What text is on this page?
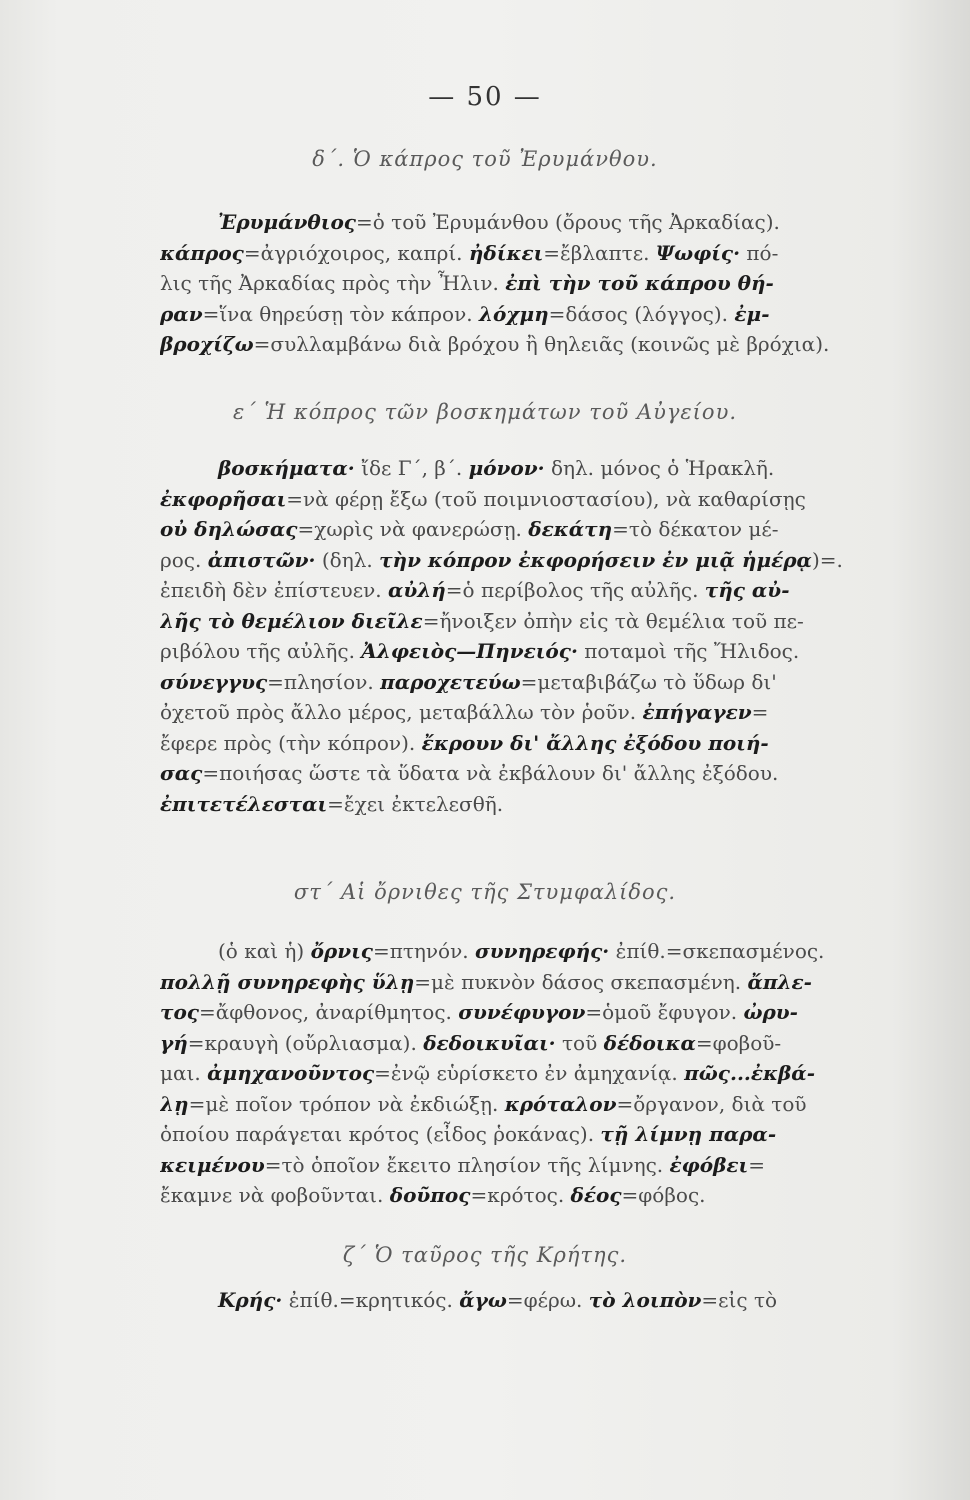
— 50 —
δ΄. Ὁ κάπρος τοῦ Ἐρυμάνθου.
Ἐρυμάνθιος=ὁ τοῦ Ἐρυμάνθου (ὄρους τῆς Ἀρκαδίας).
κάπρος=ἀγριόχοιρος, καπρί. ἠδίκει=ἔβλαπτε. Ψωφίς· πό-
λις τῆς Ἀρκαδίας πρὸς τὴν Ἦλιν. ἐπὶ τὴν τοῦ κάπρου θή-
ραν=ἵνα θηρεύσῃ τὸν κάπρον. λόχμη=δάσος (λόγγος). ἐμ-
βροχίζω=συλλαμβάνω διὰ βρόχου ἢ θηλειᾶς (κοινῶς μὲ βρόχια).
ε΄ Ἡ κόπρος τῶν βοσκημάτων τοῦ Αὐγείου.
βοσκήματα· ἴδε Γ΄, β΄. μόνον· δηλ. μόνος ὁ Ἡρακλῆ.
ἐκφορῆσαι=νὰ φέρῃ ἔξω (τοῦ ποιμνιοστασίου), νὰ καθαρίσῃς
οὐ δηλώσας=χωρὶς νὰ φανερώσῃ. δεκάτη=τὸ δέκατον μέ-
ρος. ἀπιστῶν· (δηλ. τὴν κόπρον ἐκφορήσειν ἐν μιᾷ ἡμέρᾳ)=.
ἐπειδὴ δὲν ἐπίστευεν. αὐλή=ὁ περίβολος τῆς αὐλῆς. τῆς αὐ-
λῆς τὸ θεμέλιον διεῖλε=ἤνοιξεν ὀπὴν εἰς τὰ θεμέλια τοῦ πε-
ριβόλου τῆς αὐλῆς. Ἀλφειὸς—Πηνειός· ποταμοὶ τῆς Ἤλιδος.
σύνεγγυς=πλησίον. παροχετεύω=μεταβιβάζω τὸ ὕδωρ δι'
ὀχετοῦ πρὸς ἄλλο μέρος, μεταβάλλω τὸν ῥοῦν. ἐπήγαγεν=
ἔφερε πρὸς (τὴν κόπρον). ἔκρουν δι' ἄλλης ἐξόδου ποιή-
σας=ποιήσας ὥστε τὰ ὕδατα νὰ ἐκβάλουν δι' ἄλλης ἐξόδου.
ἐπιτετέλεσται=ἔχει ἐκτελεσθῆ.
στ΄ Αἱ ὄρνιθες τῆς Στυμφαλίδος.
(ὁ καὶ ἡ) ὄρνις=πτηνόν. συνηρεφής· ἐπίθ.=σκεπασμένος.
πολλῇ συνηρεφὴς ὕλῃ=μὲ πυκνὸν δάσος σκεπασμένη. ἄπλε-
τος=ἄφθονος, ἀναρίθμητος. συνέφυγον=ὁμοῦ ἔφυγον. ὠρυ-
γή=κραυγὴ (οὔρλιασμα). δεδοικυῖαι· τοῦ δέδοικα=φοβοῦ-
μαι. ἀμηχανοῦντος=ἐνῷ εὑρίσκετο ἐν ἀμηχανίᾳ. πῶς...ἐκβά-
λῃ=μὲ ποῖον τρόπον νὰ ἐκδιώξῃ. κρόταλον=ὄργανον, διὰ τοῦ
ὁποίου παράγεται κρότος (εἶδος ῥοκάνας). τῇ λίμνῃ παρα-
κειμένου=τὸ ὁποῖον ἔκειτο πλησίον τῆς λίμνης. ἐφόβει=
ἔκαμνε νὰ φοβοῦνται. δοῦπος=κρότος. δέος=φόβος.
ζ΄ Ὁ ταῦρος τῆς Κρήτης.
Κρής· ἐπίθ.=κρητικός. ἄγω=φέρω. τὸ λοιπὸν=εἰς τὸ
